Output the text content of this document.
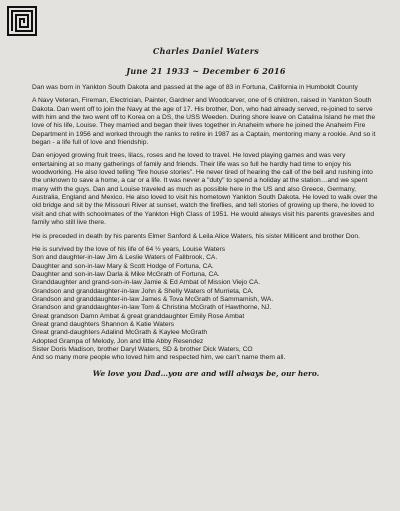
Charles Daniel Waters
June 21 1933 ~ December 6 2016

Dan was born in Yankton South Dakota and passed at the age of 83 in Fortuna, California in Humboldt County

A Navy Veteran, Fireman, Electrician, Painter, Gardner and Woodcarver, one of 6 children, raised in Yankton South Dakota. Dan went off to join the Navy at the age of 17. His brother, Don, who had already served, re-joined to serve with him and the two went off to Korea on a DS, the USS Weeden. During shore leave on Catalina Island he met the love of his life, Louise. They married and began their lives together in Anaheim where he joined the Anaheim Fire Department in 1956 and worked through the ranks to retire in 1987 as a Captain, mentoring many a rookie. And so it began - a life full of love and friendship.

Dan enjoyed growing fruit trees, lilacs, roses and he loved to travel. He loved playing games and was very entertaining at so many gatherings of family and friends. Their life was so full he hardly had time to enjoy his woodworking. He also loved telling "fire house stories". He never tired of hearing the call of the bell and rushing into the unknown to save a home, a car or a life. It was never a "duty" to spend a holiday at the station…and we spent many with the guys. Dan and Louise traveled as much as possible here in the US and also Greece, Germany, Australia, England and Mexico. He also loved to visit his hometown Yankton South Dakota. He loved to walk over the old bridge and sit by the Missouri River at sunset, watch the fireflies, and tell stories of growing up there, he loved to visit and chat with schoolmates of the Yankton High Class of 1951. He would always visit his parents gravesites and family who still live there.

He is preceded in death by his parents Elmer Sanford & Leila Alice Waters, his sister Millicent and brother Don.

He is survived by the love of his life of 64 ½ years, Louise Waters
Son and daughter-in-law Jim & Leslie Waters of Fallbrook, CA.
Daughter and son-in-law Mary & Scott Hodge of Fortuna, CA.
Daughter and son-in-law Darla & Mike McGrath of Fortuna, CA.
Granddaughter and grand-son-in-law Jamie & Ed Ambat of Mission Viejo CA.
Grandson and granddaughter-in-law John & Shelly Waters of Murrieta, CA.
Grandson and granddaughter-in-law James & Tova McGrath of Sammamish, WA.
Grandson and granddaughter-in-law Tom & Christina McGrath of Hawthorne, NJ.
Great grandson Damn Ambat & great granddaughter Emily Rose Ambat
Great grand daughters Shannon & Katie Waters
Great grand-daughters Adalind McGrath & Kaylee McGrath
Adopted Grampa of Melody, Jon and little Abby Resendez
Sister Doris Madison, brother Daryl Waters, SD & brother Dick Waters, CO
And so many more people who loved him and respected him, we can't name them all.
We love you Dad…you are and will always be, our hero.
